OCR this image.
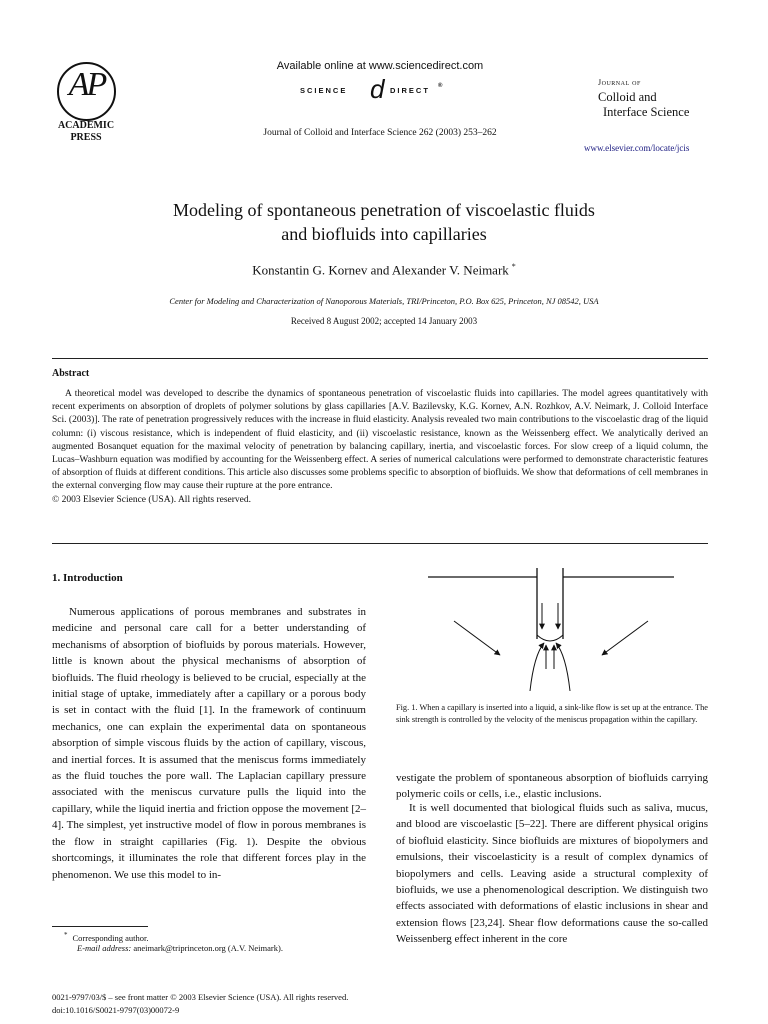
AP
ACADEMIC
PRESS
Available online at www.sciencedirect.com
SCIENCE d DIRECT ®
Journal of Colloid and Interface Science 262 (2003) 253–262
Journal of
Colloid and
Interface Science
www.elsevier.com/locate/jcis
Modeling of spontaneous penetration of viscoelastic fluids
and biofluids into capillaries
Konstantin G. Kornev and Alexander V. Neimark *
Center for Modeling and Characterization of Nanoporous Materials, TRI/Princeton, P.O. Box 625, Princeton, NJ 08542, USA
Received 8 August 2002; accepted 14 January 2003
Abstract

A theoretical model was developed to describe the dynamics of spontaneous penetration of viscoelastic fluids into capillaries. The model agrees quantitatively with recent experiments on absorption of droplets of polymer solutions by glass capillaries [A.V. Bazilevsky, K.G. Kornev, A.N. Rozhkov, A.V. Neimark, J. Colloid Interface Sci. (2003)]. The rate of penetration progressively reduces with the increase in fluid elasticity. Analysis revealed two main contributions to the viscoelastic drag of the liquid column: (i) viscous resistance, which is independent of fluid elasticity, and (ii) viscoelastic resistance, known as the Weissenberg effect. We analytically derived an augmented Bosanquet equation for the maximal velocity of penetration by balancing capillary, inertia, and viscoelastic forces. For slow creep of a liquid column, the Lucas–Washburn equation was modified by accounting for the Weissenberg effect. A series of numerical calculations were performed to demonstrate characteristic features of absorption of fluids at different conditions. This article also discusses some problems specific to absorption of biofluids. We show that deformations of cell membranes in the external converging flow may cause their rupture at the pore entrance.
© 2003 Elsevier Science (USA). All rights reserved.

1. Introduction

Numerous applications of porous membranes and substrates in medicine and personal care call for a better understanding of mechanisms of absorption of biofluids by porous materials. However, little is known about the physical mechanisms of absorption of biofluids. The fluid rheology is believed to be crucial, especially at the initial stage of uptake, immediately after a capillary or a porous body is set in contact with the fluid [1]. In the framework of continuum mechanics, one can explain the experimental data on spontaneous absorption of simple viscous fluids by the action of capillary, viscous, and inertial forces. It is assumed that the meniscus forms immediately as the fluid touches the pore wall. The Laplacian capillary pressure associated with the meniscus curvature pulls the liquid into the capillary, while the liquid inertia and friction oppose the movement [2–4]. The simplest, yet instructive model of flow in porous membranes is the flow in straight capillaries (Fig. 1). Despite the obvious shortcomings, it illuminates the role that different forces play in the phenomenon. We use this model to in-

Fig. 1. When a capillary is inserted into a liquid, a sink-like flow is set up at the entrance. The sink strength is controlled by the velocity of the meniscus propagation within the capillary.

vestigate the problem of spontaneous absorption of biofluids carrying polymeric coils or cells, i.e., elastic inclusions.

It is well documented that biological fluids such as saliva, mucus, and blood are viscoelastic [5–22]. There are different physical origins of biofluid elasticity. Since biofluids are mixtures of biopolymers and emulsions, their viscoelasticity is a result of complex dynamics of biopolymers and cells. Leaving aside a structural complexity of biofluids, we use a phenomenological description. We distinguish two effects associated with deformations of elastic inclusions in shear and extension flows [23,24]. Shear flow deformations cause the so-called Weissenberg effect inherent in the core

* Corresponding author.
E-mail address: aneimark@triprinceton.org (A.V. Neimark).
0021-9797/03/$ – see front matter © 2003 Elsevier Science (USA). All rights reserved.
doi:10.1016/S0021-9797(03)00072-9
